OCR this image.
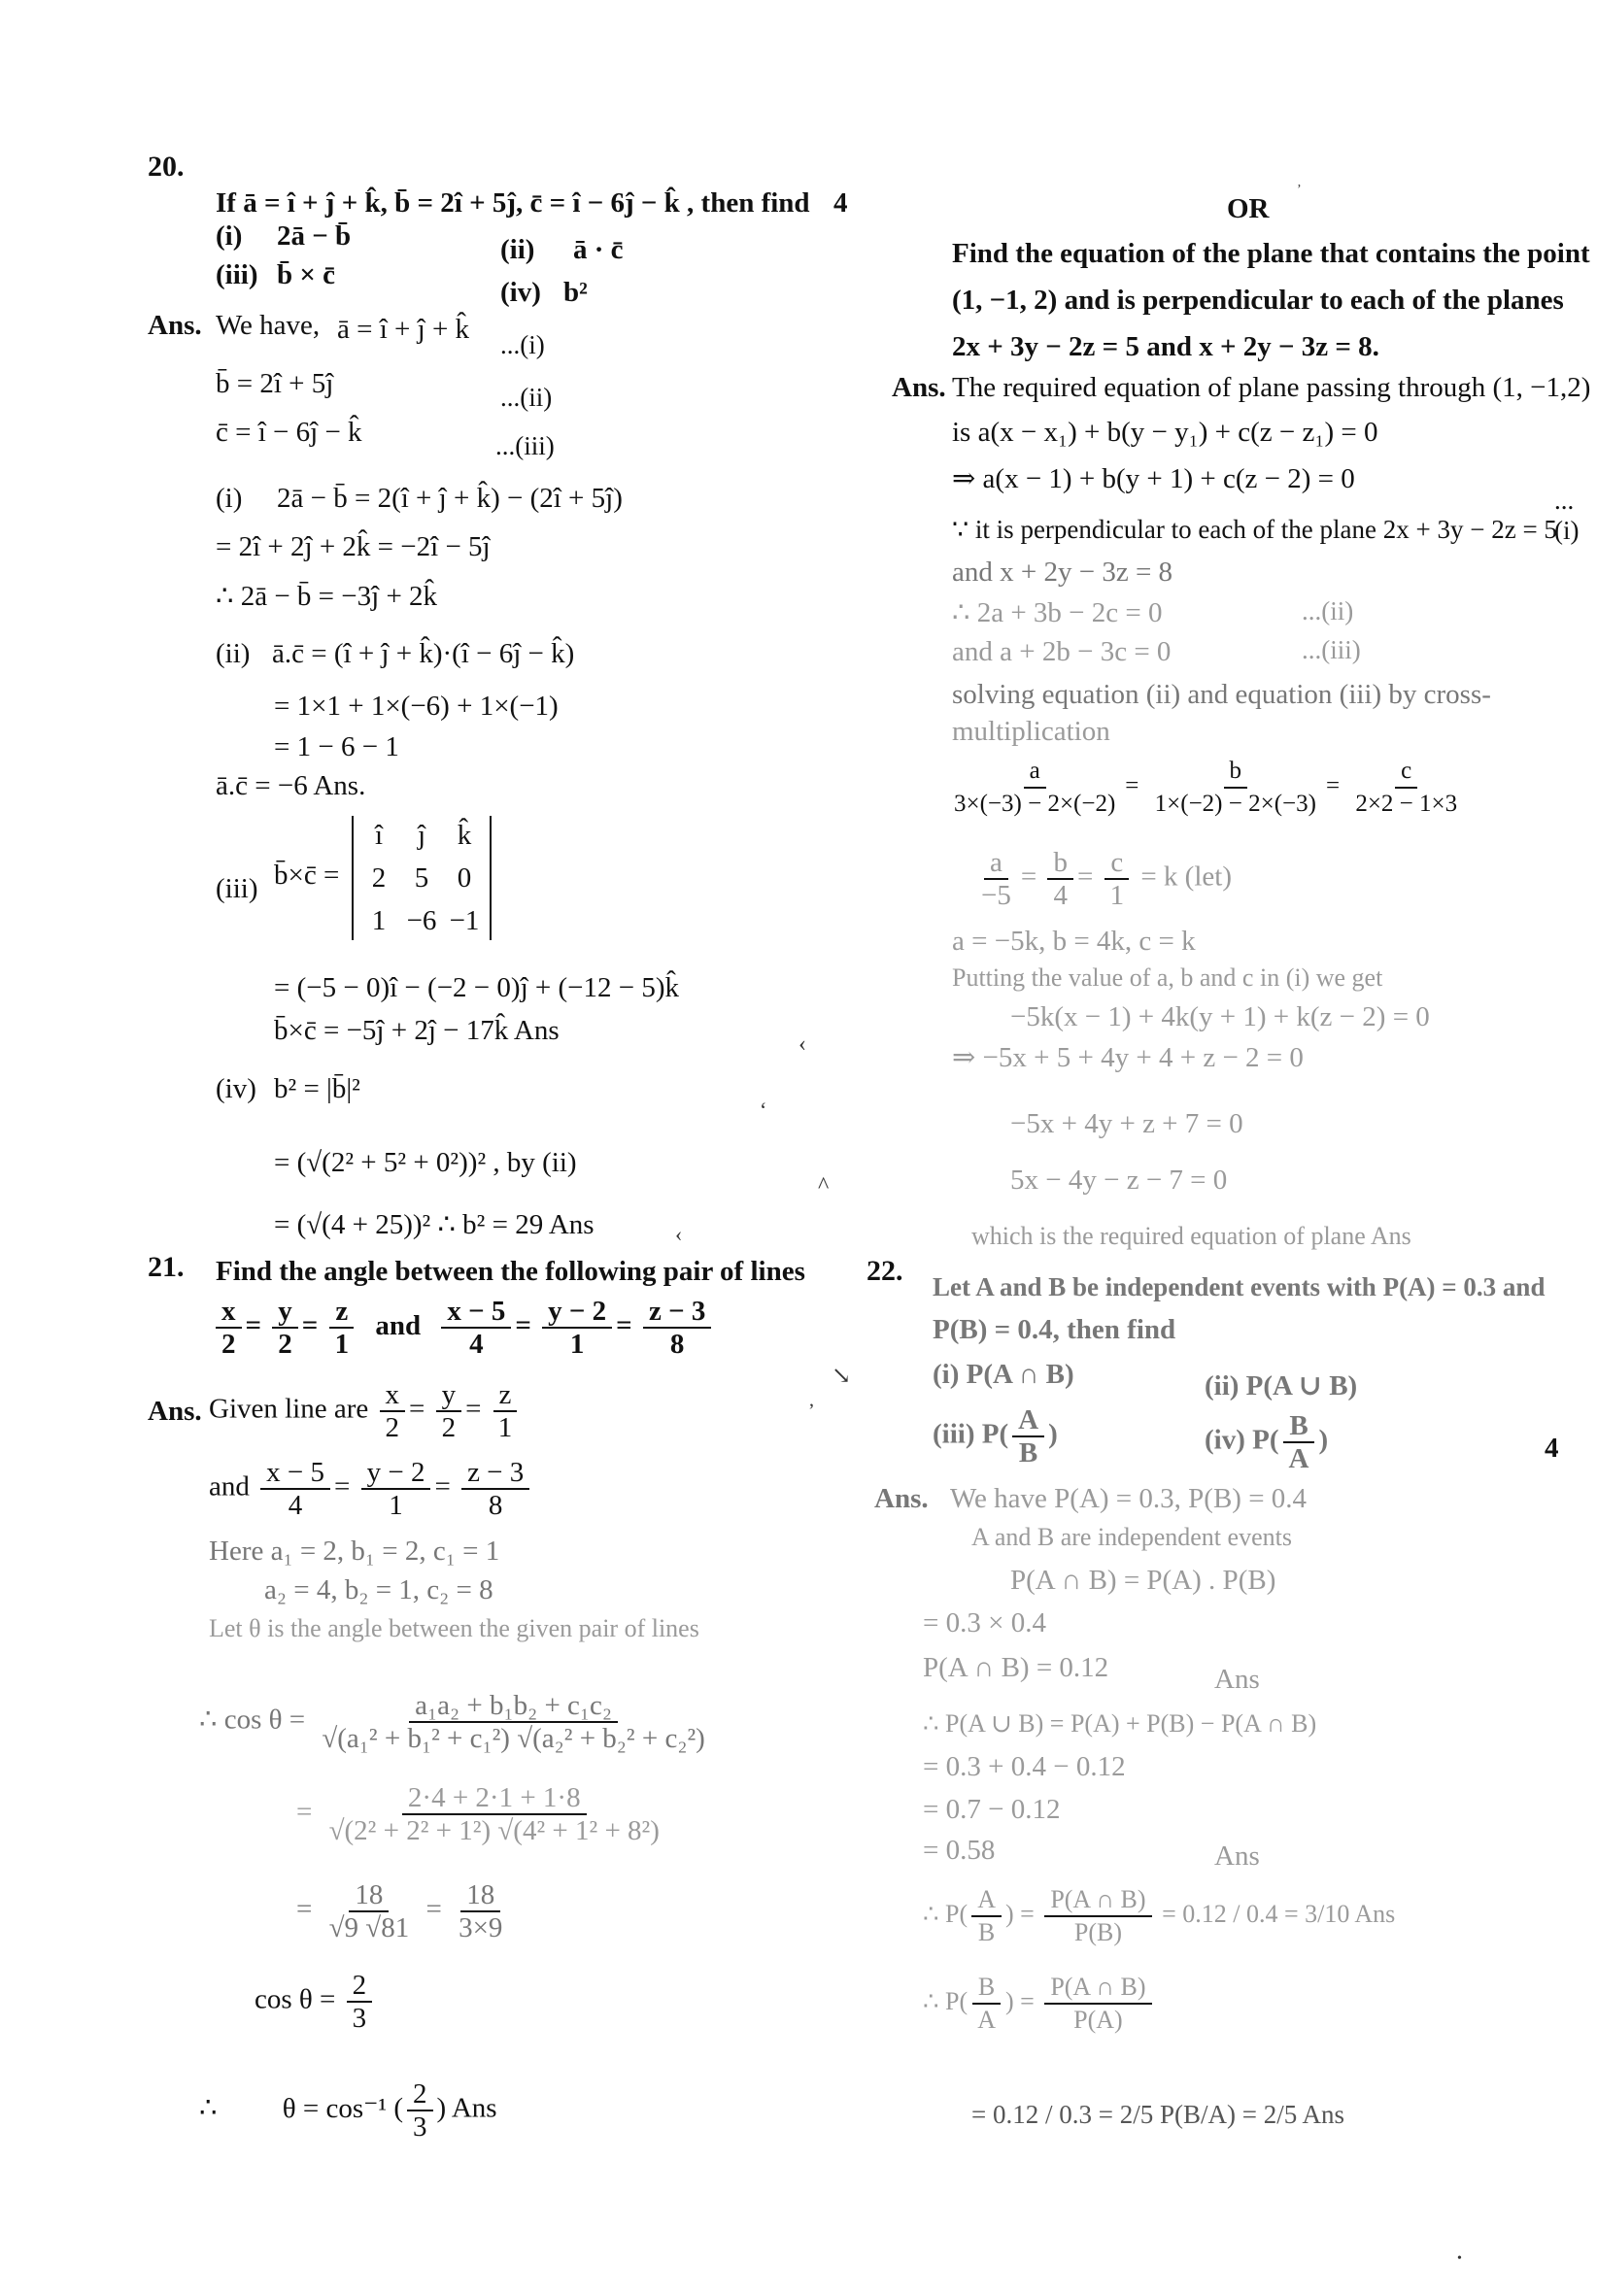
20.
If ā = î + ĵ + k̂, b̄ = 2î + 5ĵ, c̄ = î − 6ĵ − k̂ , then find 4
(i) 2ā − b̄	(ii) ā · c̄
(iii) b̄ × c̄
(iv) b²
Ans. We have, ā = î + ĵ + k̂ ...(i)
b̄ = 2î + 5ĵ	...(ii)
c̄ = î − 6ĵ − k̂	...(iii)
(i) 2ā − b̄ = 2(î + ĵ + k̂) − (2î + 5ĵ)
= 2î + 2ĵ + 2k̂ = −2î − 5ĵ
∴ 2ā − b̄ = −3ĵ + 2k̂
(ii) ā.c̄ = (î + ĵ + k̂)·(î − 6ĵ − k̂)
= 1×1 + 1×(−6) + 1×(−1)
= 1 − 6 − 1
ā.c̄ = −6 Ans.
(iii) b̄×c̄ =
î	ĵ	k̂
2	5	0
1 −6 −1
= (−5 − 0)î − (−2 − 0)ĵ + (−12 − 5)k̂
b̄×c̄ = −5ĵ + 2ĵ − 17k̂ Ans
(iv) b² = |b̄|²
= (√(2² + 5² + 0²))² , by (ii)
= (√(4 + 25))² ∴ b² = 29 Ans
21. Find the angle between the following pair of lines
$\frac{x}{2} = \frac{y}{2} = \frac{z}{1}$ and $\frac{x - 5}{4} = \frac{y - 2}{1} = \frac{z - 3}{8}$
Ans. Given line are $\frac{x}{2} = \frac{y}{2} = \frac{z}{1}$
and $\frac{x - 5}{4} = \frac{y - 2}{1} = \frac{z - 3}{8}$
Here a₁ = 2, b₁ = 2, c₁ = 1
a₂ = 4, b₂ = 1, c₂ = 8
Let θ is the angle between the given pair of lines
∴ $\cos \theta = \frac{\text{a₁a₂ + b₁b₂ + c₁c₂}}{\text{√(a₁² + b₁² + c₁²) √(a₂² + b₂² + c₂²)}}$
= $\frac{2\cdot 4 + 2\cdot 1 + 1\cdot 8}{\text{√(2² + 2² + 1²) √(4² + 1² + 8²)}}$
= $\frac{18}{√9 √81} = \frac{18}{3\times 9}$
$\cos \theta = \frac{2}{3}$
∴ θ = cos⁻¹ ( $\frac{2}{3}$ ) Ans
OR
Find the equation of the plane that contains the point
(1, −1, 2) and is perpendicular to each of the planes
2x + 3y − 2z = 5 and x + 2y − 3z = 8.
Ans. The required equation of plane passing through (1, −1,2)
is a(x − x₁) + b(y − y₁) + c(z − z₁) = 0
⇒ a(x − 1) + b(y + 1) + c(z − 2) = 0
...(i)
∵ it is perpendicular to each of the plane 2x + 3y − 2z = 5
and x + 2y − 3z = 8
∴ 2a + 3b − 2c = 0	...(ii)
and a + 2b − 3c = 0	...(iii)
solving equation (ii) and equation (iii) by cross-
multiplication
$\frac{a}{3\times(-3) - 2\times(-2)} = \frac{b}{1\times(-2) - 2\times(-3)} = \frac{c}{2\times 2 - 1\times 3}$
$\frac{a}{-5} = \frac{b}{4} = \frac{c}{1} = k$ (let)
a = −5k, b = 4k, c = k
Putting the value of a, b and c in (i) we get
−5k(x − 1) + 4k(y + 1) + k(z − 2) = 0
⇒ −5x + 5 + 4y + 4 + z − 2 = 0
−5x + 4y + z + 7 = 0
5x − 4y − z − 7 = 0
which is the required equation of plane Ans
22. Let A and B be independent events with P(A) = 0.3 and
P(B) = 0.4, then find
(i) P(A ∩ B)	(ii) P(A ∪ B)
(iii) $P( \frac{A}{B}$ )	(iv) $P( \frac{B}{A}$ )	4
Ans. We have P(A) = 0.3, P(B) = 0.4
A and B are independent events
P(A ∩ B) = P(A) . P(B)
= 0.3 × 0.4
P(A ∩ B) = 0.12	Ans
∴ P(A ∪ B) = P(A) + P(B) − P(A ∩ B)
= 0.3 + 0.4 − 0.12
= 0.7 − 0.12
= 0.58	Ans
∴ $P( \frac{A}{B}$ ) = $\frac{P(A \cap B)}{P(B)} = 0.12 / 0.4 = 3/10$ Ans
∴ $P( \frac{B}{A}$ ) = $\frac{P(A \cap B)}{P(A)}$
= 0.12 / 0.3 = 2/5 P(B/A) = 2/5 Ans
ʼ
‹
ʻ
^
‹
↘
ʼ
•
